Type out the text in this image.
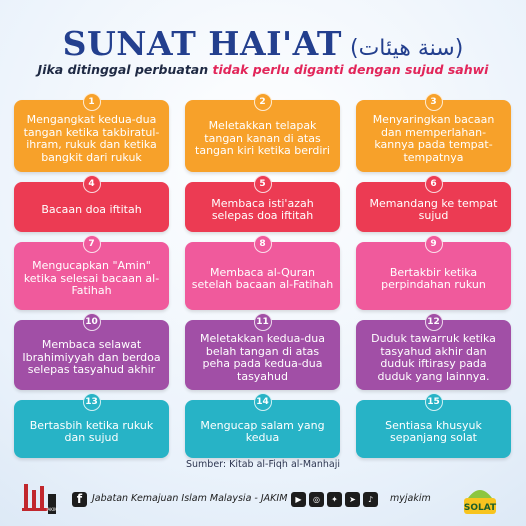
SUNAT HAI'AT (سنة هيئات)
Jika ditinggal perbuatan tidak perlu diganti dengan sujud sahwi
1
Mengangkat kedua-dua tangan ketika takbiratul-ihram, rukuk dan ketika bangkit dari rukuk
2
Meletakkan telapak tangan kanan di atas tangan kiri ketika berdiri
3
Menyaringkan bacaan dan memperlahan-kannya pada tempat-tempatnya
4
Bacaan doa iftitah
5
Membaca isti'azah selepas doa iftitah
6
Memandang ke tempat sujud
7
Mengucapkan "Amin" ketika selesai bacaan al-Fatihah
8
Membaca al-Quran setelah bacaan al-Fatihah
9
Bertakbir ketika perpindahan rukun
10
Membaca selawat Ibrahimiyyah dan berdoa selepas tasyahud akhir
11
Meletakkan kedua-dua belah tangan di atas peha pada kedua-dua tasyahud
12
Duduk tawarruk ketika tasyahud akhir dan duduk iftirasy pada duduk yang lainnya.
13
Bertasbih ketika rukuk dan sujud
14
Mengucap salam yang kedua
15
Sentiasa khusyuk sepanjang solat
Sumber: Kitab al-Fiqh al-Manhaji
JAKIM
f	Jabatan Kemajuan Islam Malaysia - JAKIM	▶	◎	✦	➤	♪	myjakim
SOLAT
